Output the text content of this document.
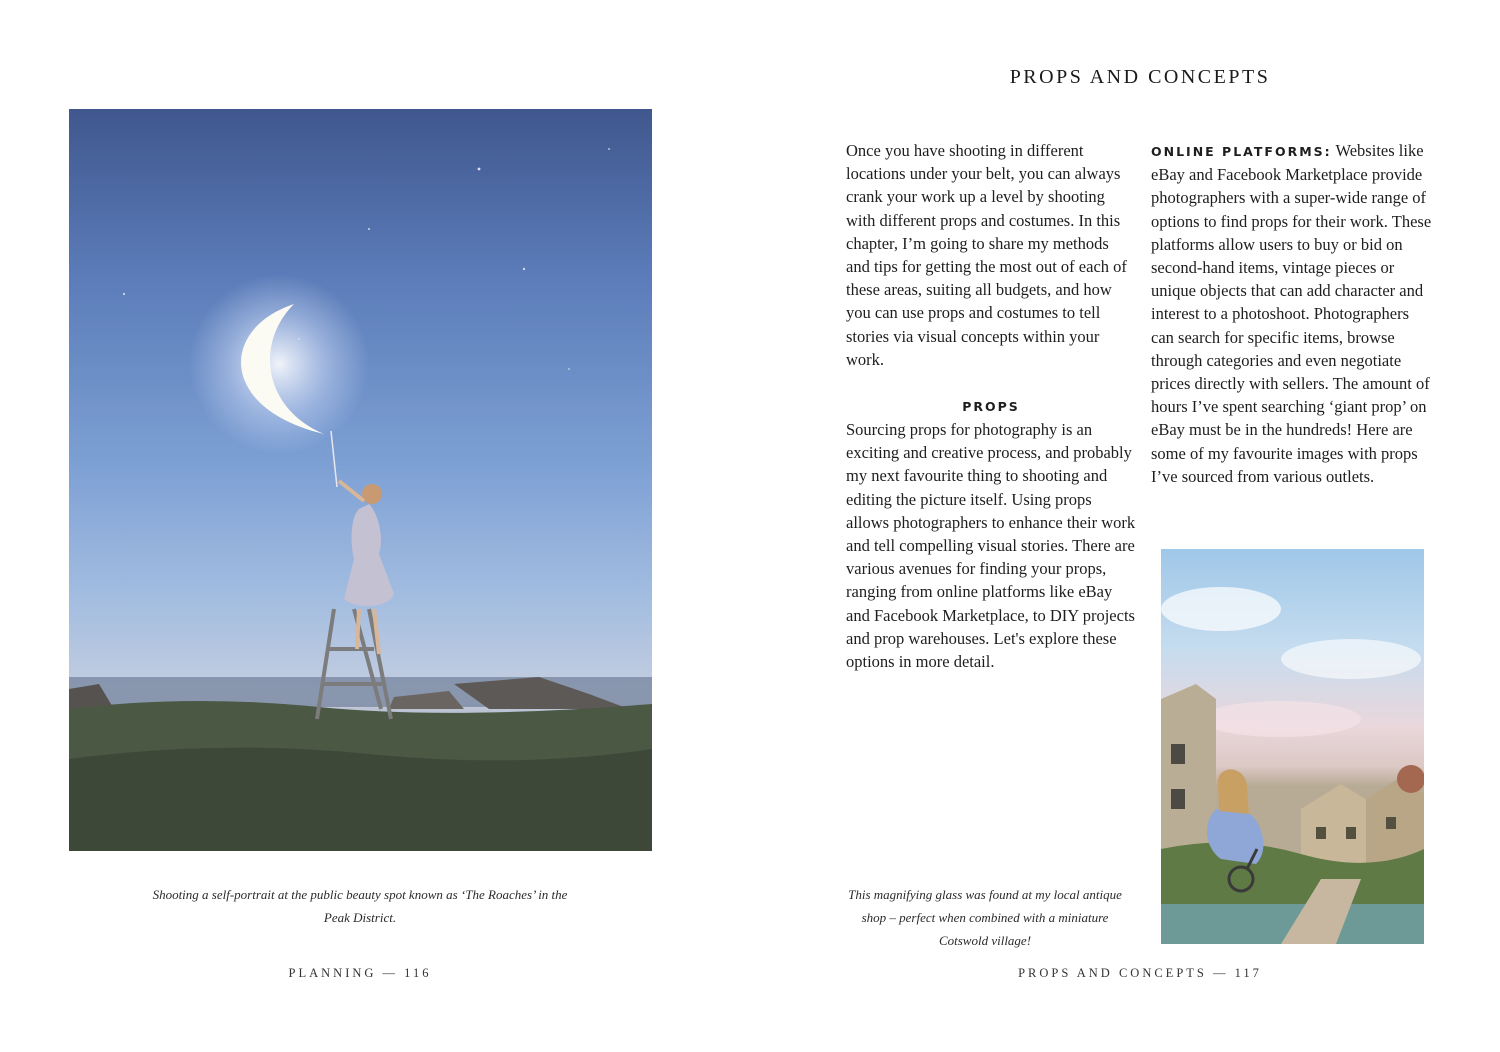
Shooting a self-portrait at the public beauty spot known as ‘The Roaches’ in the Peak District.
PLANNING — 116
PROPS AND CONCEPTS

Once you have shooting in different locations under your belt, you can always crank your work up a level by shooting with different props and costumes. In this chapter, I’m going to share my methods and tips for getting the most out of each of these areas, suiting all budgets, and how you can use props and costumes to tell stories via visual concepts within your work.

PROPS

Sourcing props for photography is an exciting and creative process, and probably my next favourite thing to shooting and editing the picture itself. Using props allows photographers to enhance their work and tell compelling visual stories. There are various avenues for finding your props, ranging from online platforms like eBay and Facebook Marketplace, to DIY projects and prop warehouses. Let's explore these options in more detail.

ONLINE PLATFORMS: Websites like eBay and Facebook Marketplace provide photographers with a super-wide range of options to find props for their work. These platforms allow users to buy or bid on second-hand items, vintage pieces or unique objects that can add character and interest to a photoshoot. Photographers can search for specific items, browse through categories and even negotiate prices directly with sellers. The amount of hours I’ve spent searching ‘giant prop’ on eBay must be in the hundreds! Here are some of my favourite images with props I’ve sourced from various outlets.

This magnifying glass was found at my local antique shop – perfect when combined with a miniature Cotswold village!
PROPS AND CONCEPTS — 117
